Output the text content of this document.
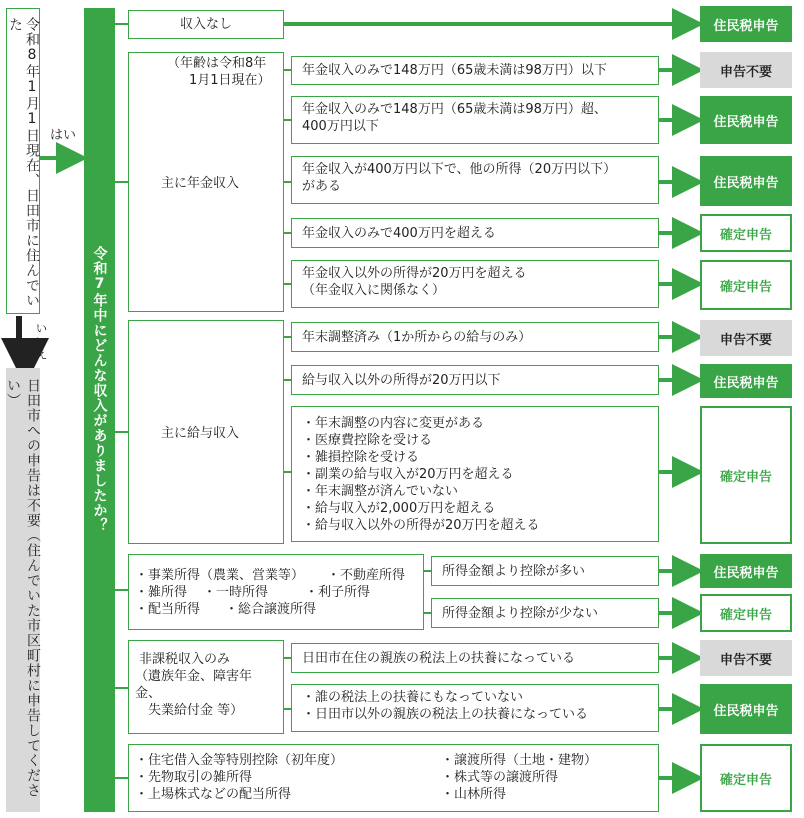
令和8年1月1日現在、日田市に住んでいた
はい
いいえ
日田市への申告は不要（住んでいた市区町村に申告してください）	令和7年中にどんな収入がありましたか？
収入なし
（年齢は令和8年
1月1日現在）
主に年金収入
年金収入のみで148万円（65歳未満は98万円）以下
年金収入のみで148万円（65歳未満は98万円）超、
400万円以下
年金収入が400万円以下で、他の所得（20万円以下）
がある
年金収入のみで400万円を超える
年金収入以外の所得が20万円を超える
（年金収入に関係なく）
主に給与収入
年末調整済み（1か所からの給与のみ）
給与収入以外の所得が20万円以下
・年末調整の内容に変更がある
・医療費控除を受ける
・雑損控除を受ける
・副業の給与収入が20万円を超える
・年末調整が済んでいない
・給与収入が2,000万円を超える
・給与収入以外の所得が20万円を超える
・事業所得（農業、営業等） ・不動産所得
・雑所得 ・一時所得	・利子所得
・配当所得 ・総合譲渡所得
所得金額より控除が多い
所得金額より控除が少ない
非課税収入のみ
（遺族年金、障害年金、
　失業給付金 等）
日田市在住の親族の税法上の扶養になっている
・誰の税法上の扶養にもなっていない
・日田市以外の親族の税法上の扶養になっている
・住宅借入金等特別控除（初年度）
・先物取引の雑所得
・上場株式などの配当所得
・譲渡所得（土地・建物）
・株式等の譲渡所得
・山林所得
住民税申告
申告不要
住民税申告
住民税申告
確定申告
確定申告
申告不要
住民税申告
確定申告
住民税申告
確定申告
申告不要
住民税申告
確定申告
